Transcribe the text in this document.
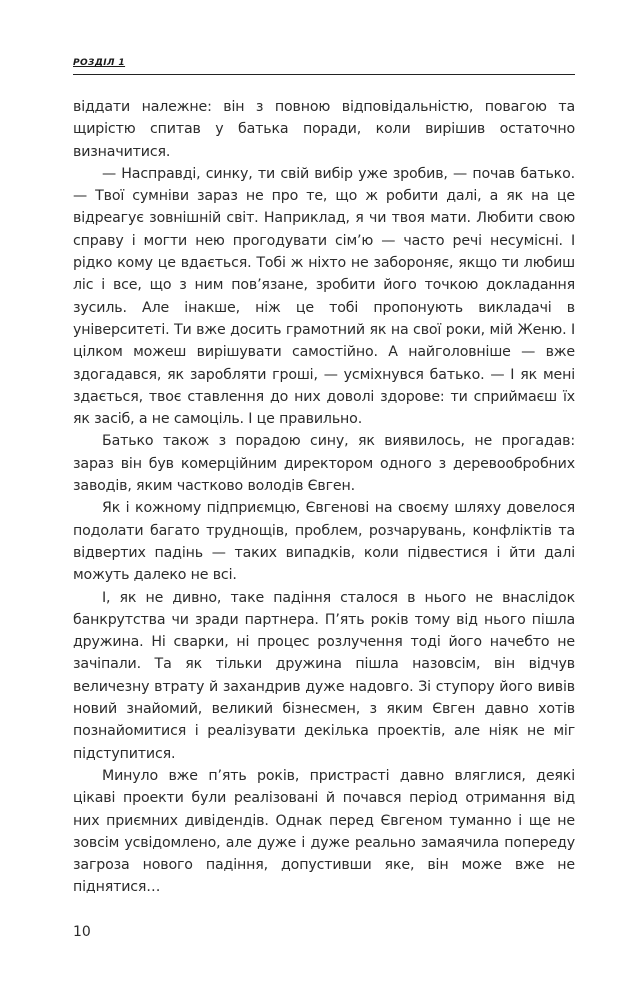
РОЗДІЛ 1

віддати належне: він з повною відповідальністю, повагою та щирістю спитав у батька поради, коли вирішив остаточно визначитися.

— Насправді, синку, ти свій вибір уже зробив, — почав батько. — Твої сумніви зараз не про те, що ж робити далі, а як на це відреагує зовнішній світ. Наприклад, я чи твоя мати. Любити свою справу і могти нею прогодувати сім’ю — часто речі несумісні. І рідко кому це вдається. Тобі ж ніхто не забороняє, якщо ти любиш ліс і все, що з ним пов’язане, зробити його точкою докладання зусиль. Але інакше, ніж це тобі пропонують викладачі в університеті. Ти вже досить грамотний як на свої роки, мій Женю. І цілком можеш вирішувати самостійно. А найголовніше — вже здогадався, як заробляти гроші, — усміхнувся батько. — І як мені здається, твоє ставлення до них доволі здорове: ти сприймаєш їх як засіб, а не самоціль. І це правильно.

Батько також з порадою сину, як виявилось, не прогадав: зараз він був комерційним директором одного з деревообробних заводів, яким частково володів Євген.

Як і кожному підприємцю, Євгенові на своєму шляху довелося подолати багато труднощів, проблем, розчарувань, конфліктів та відвертих падінь — таких випадків, коли підвестися і йти далі можуть далеко не всі.

І, як не дивно, таке падіння сталося в нього не внаслідок банкрутства чи зради партнера. П’ять років тому від нього пішла дружина. Ні сварки, ні процес розлучення тоді його начебто не зачіпали. Та як тільки дружина пішла назовсім, він відчув величезну втрату й захандрив дуже надовго. Зі ступору його вивів новий знайомий, великий бізнесмен, з яким Євген давно хотів познайомитися і реалізувати декілька проектів, але ніяк не міг підступитися.

Минуло вже п’ять років, пристрасті давно вляглися, деякі цікаві проекти були реалізовані й почався період отримання від них приємних дивідендів. Однак перед Євгеном туманно і ще не зовсім усвідомлено, але дуже і дуже реально замаячила попереду загроза нового падіння, допустивши яке, він може вже не піднятися…

10
